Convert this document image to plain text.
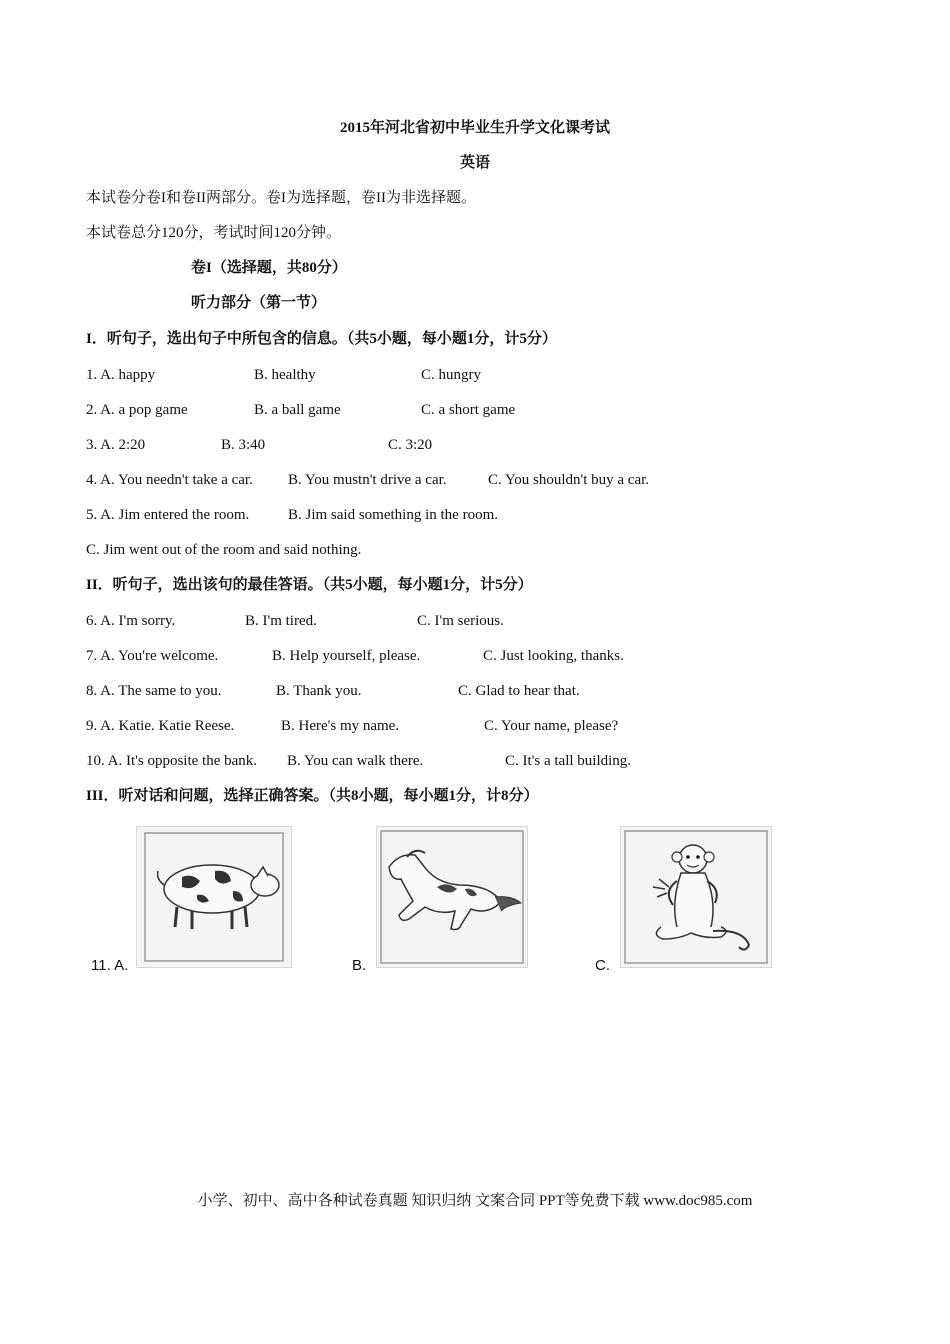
2015年河北省初中毕业生升学文化课考试
英语
本试卷分卷I和卷II两部分。卷I为选择题，卷II为非选择题。
本试卷总分120分，考试时间120分钟。
卷I（选择题，共80分）
听力部分（第一节）
I．听句子，选出句子中所包含的信息。（共5小题，每小题1分，计5分）
1. A. happy	B. healthy	C. hungry
2. A. a pop game	B. a ball game	C. a short game
3. A. 2:20	B. 3:40	C. 3:20
4. A. You needn't take a car. B. You mustn't drive a car.	C. You shouldn't buy a car.
5. A. Jim entered the room.	B. Jim said something in the room.
C. Jim went out of the room and said nothing.
II．听句子，选出该句的最佳答语。（共5小题，每小题1分，计5分）
6. A. I'm sorry.	B. I'm tired.	C. I'm serious.
7. A. You're welcome.	B. Help yourself, please.	C. Just looking, thanks.
8. A. The same to you.	B. Thank you.	C. Glad to hear that.
9. A. Katie. Katie Reese.	B. Here's my name.	C. Your name, please?
10. A. It's opposite the bank. B. You can walk there.	C. It's a tall building.
III．听对话和问题，选择正确答案。（共8小题，每小题1分，计8分）
11. A.	B.	C.
小学、初中、高中各种试卷真题 知识归纳 文案合同 PPT等免费下载 www.doc985.com
